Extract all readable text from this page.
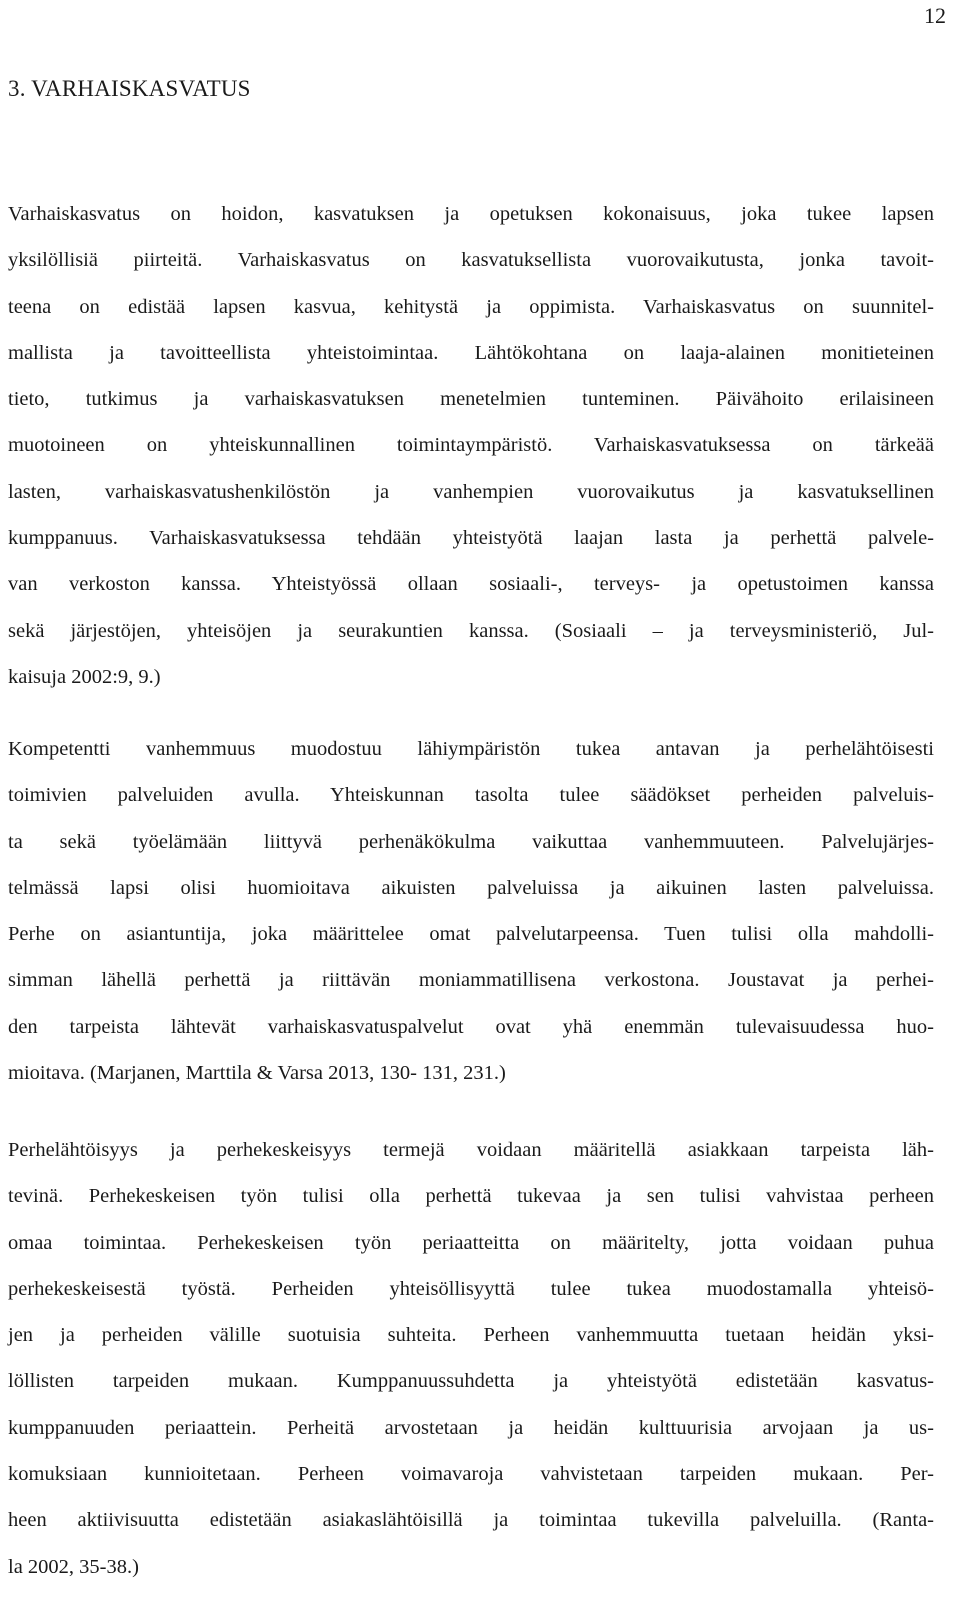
12
3. VARHAISKASVATUS

Varhaiskasvatus on hoidon, kasvatuksen ja opetuksen kokonaisuus, joka tukee lapsen
yksilöllisiä piirteitä. Varhaiskasvatus on kasvatuksellista vuorovaikutusta, jonka tavoit-
teena on edistää lapsen kasvua, kehitystä ja oppimista. Varhaiskasvatus on suunnitel-
mallista ja tavoitteellista yhteistoimintaa. Lähtökohtana on laaja-alainen monitieteinen
tieto, tutkimus ja varhaiskasvatuksen menetelmien tunteminen. Päivähoito erilaisineen
muotoineen on yhteiskunnallinen toimintaympäristö. Varhaiskasvatuksessa on tärkeää
lasten, varhaiskasvatushenkilöstön ja vanhempien vuorovaikutus ja kasvatuksellinen
kumppanuus. Varhaiskasvatuksessa tehdään yhteistyötä laajan lasta ja perhettä palvele-
van verkoston kanssa. Yhteistyössä ollaan sosiaali-, terveys- ja opetustoimen kanssa
sekä järjestöjen, yhteisöjen ja seurakuntien kanssa. (Sosiaali – ja terveysministeriö, Jul-
kaisuja 2002:9, 9.)

Kompetentti vanhemmuus muodostuu lähiympäristön tukea antavan ja perhelähtöisesti
toimivien palveluiden avulla. Yhteiskunnan tasolta tulee säädökset perheiden palveluis-
ta sekä työelämään liittyvä perhenäkökulma vaikuttaa vanhemmuuteen. Palvelujärjes-
telmässä lapsi olisi huomioitava aikuisten palveluissa ja aikuinen lasten palveluissa.
Perhe on asiantuntija, joka määrittelee omat palvelutarpeensa. Tuen tulisi olla mahdolli-
simman lähellä perhettä ja riittävän moniammatillisena verkostona. Joustavat ja perhei-
den tarpeista lähtevät varhaiskasvatuspalvelut ovat yhä enemmän tulevaisuudessa huo-
mioitava. (Marjanen, Marttila & Varsa 2013, 130- 131, 231.)

Perhelähtöisyys ja perhekeskeisyys termejä voidaan määritellä asiakkaan tarpeista läh-
tevinä. Perhekeskeisen työn tulisi olla perhettä tukevaa ja sen tulisi vahvistaa perheen
omaa toimintaa. Perhekeskeisen työn periaatteitta on määritelty, jotta voidaan puhua
perhekeskeisestä työstä. Perheiden yhteisöllisyyttä tulee tukea muodostamalla yhteisö-
jen ja perheiden välille suotuisia suhteita. Perheen vanhemmuutta tuetaan heidän yksi-
löllisten tarpeiden mukaan. Kumppanuussuhdetta ja yhteistyötä edistetään kasvatus-
kumppanuuden periaattein. Perheitä arvostetaan ja heidän kulttuurisia arvojaan ja us-
komuksiaan kunnioitetaan. Perheen voimavaroja vahvistetaan tarpeiden mukaan. Per-
heen aktiivisuutta edistetään asiakaslähtöisillä ja toimintaa tukevilla palveluilla. (Ranta-
la 2002, 35-38.)
